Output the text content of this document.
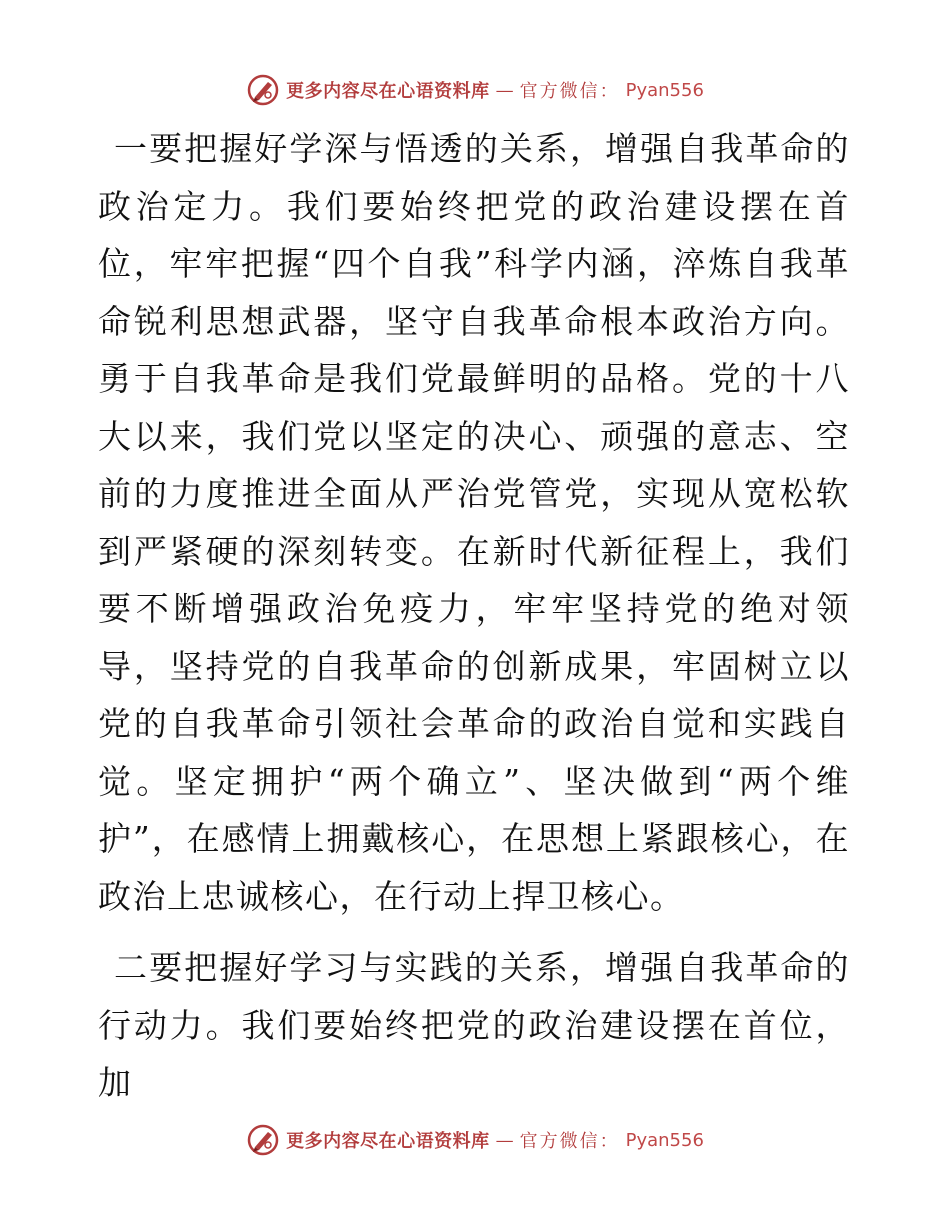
更多内容尽在心语资料库 — 官方微信： Pyan556

一要把握好学深与悟透的关系，增强自我革命的政治定力。我们要始终把党的政治建设摆在首位，牢牢把握“四个自我”科学内涵，淬炼自我革命锐利思想武器，坚守自我革命根本政治方向。勇于自我革命是我们党最鲜明的品格。党的十八大以来，我们党以坚定的决心、顽强的意志、空前的力度推进全面从严治党管党，实现从宽松软到严紧硬的深刻转变。在新时代新征程上，我们要不断增强政治免疫力，牢牢坚持党的绝对领导，坚持党的自我革命的创新成果，牢固树立以党的自我革命引领社会革命的政治自觉和实践自觉。坚定拥护“两个确立”、坚决做到“两个维护”，在感情上拥戴核心，在思想上紧跟核心，在政治上忠诚核心，在行动上捍卫核心。

二要把握好学习与实践的关系，增强自我革命的行动力。我们要始终把党的政治建设摆在首位，加

更多内容尽在心语资料库 — 官方微信： Pyan556
